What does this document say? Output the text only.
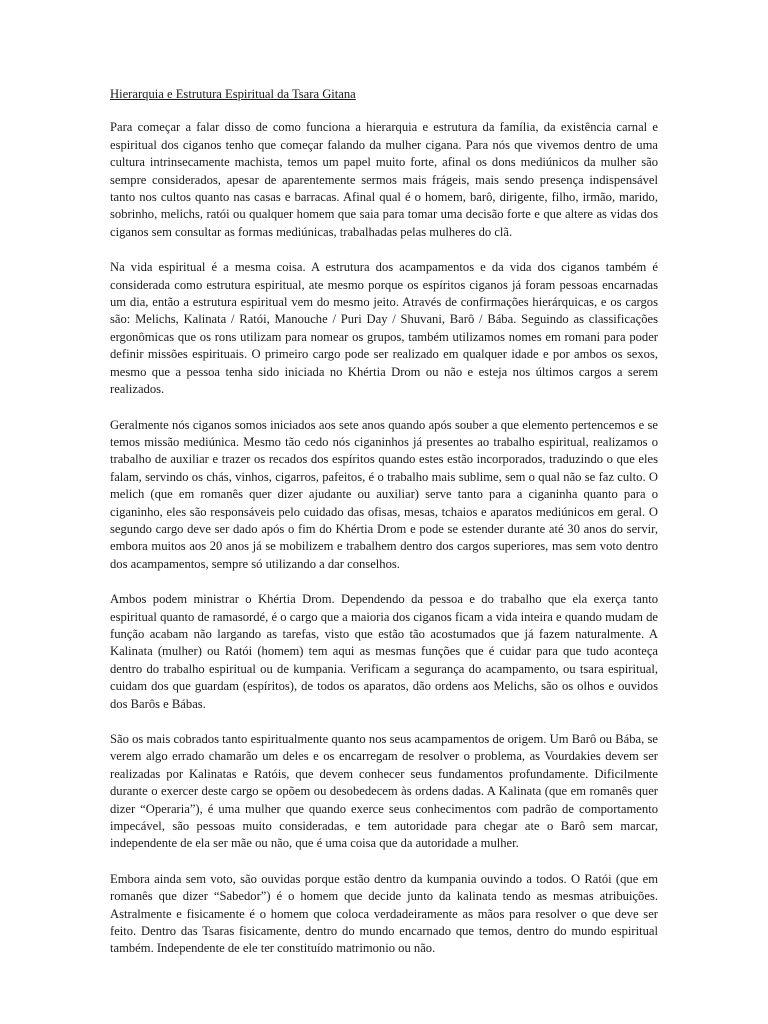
Hierarquia e Estrutura Espiritual da Tsara Gitana

Para começar a falar disso de como funciona a hierarquia e estrutura da família, da existência carnal e espiritual dos ciganos tenho que começar falando da mulher cigana. Para nós que vivemos dentro de uma cultura intrinsecamente machista, temos um papel muito forte, afinal os dons mediúnicos da mulher são sempre considerados, apesar de aparentemente sermos mais frágeis, mais sendo presença indispensável tanto nos cultos quanto nas casas e barracas. Afinal qual é o homem, barô, dirigente, filho, irmão, marido, sobrinho, melichs, ratói ou qualquer homem que saia para tomar uma decisão forte e que altere as vidas dos ciganos sem consultar as formas mediúnicas, trabalhadas pelas mulheres do clã.

Na vida espiritual é a mesma coisa. A estrutura dos acampamentos e da vida dos ciganos também é considerada como estrutura espiritual, ate mesmo porque os espíritos ciganos já foram pessoas encarnadas um dia, então a estrutura espiritual vem do mesmo jeito. Através de confirmações hierárquicas, e os cargos são: Melichs, Kalinata / Ratói, Manouche / Puri Day / Shuvani, Barô / Bába. Seguindo as classificações ergonômicas que os rons utilizam para nomear os grupos, também utilizamos nomes em romani para poder definir missões espirituais. O primeiro cargo pode ser realizado em qualquer idade e por ambos os sexos, mesmo que a pessoa tenha sido iniciada no Khértia Drom ou não e esteja nos últimos cargos a serem realizados.

Geralmente nós ciganos somos iniciados aos sete anos quando após souber a que elemento pertencemos e se temos missão mediúnica. Mesmo tão cedo nós ciganinhos já presentes ao trabalho espiritual, realizamos o trabalho de auxiliar e trazer os recados dos espíritos quando estes estão incorporados, traduzindo o que eles falam, servindo os chás, vinhos, cigarros, pafeitos, é o trabalho mais sublime, sem o qual não se faz culto. O melich (que em romanês quer dizer ajudante ou auxiliar) serve tanto para a ciganinha quanto para o ciganinho, eles são responsáveis pelo cuidado das ofisas, mesas, tchaios e aparatos mediúnicos em geral. O segundo cargo deve ser dado após o fim do Khértia Drom e pode se estender durante até 30 anos do servir, embora muitos aos 20 anos já se mobilizem e trabalhem dentro dos cargos superiores, mas sem voto dentro dos acampamentos, sempre só utilizando a dar conselhos.

Ambos podem ministrar o Khértia Drom. Dependendo da pessoa e do trabalho que ela exerça tanto espiritual quanto de ramasordé, é o cargo que a maioria dos ciganos ficam a vida inteira e quando mudam de função acabam não largando as tarefas, visto que estão tão acostumados que já fazem naturalmente. A Kalinata (mulher) ou Ratói (homem) tem aqui as mesmas funções que é cuidar para que tudo aconteça dentro do trabalho espiritual ou de kumpania. Verificam a segurança do acampamento, ou tsara espiritual, cuidam dos que guardam (espíritos), de todos os aparatos, dão ordens aos Melichs, são os olhos e ouvidos dos Barôs e Bábas.

São os mais cobrados tanto espiritualmente quanto nos seus acampamentos de origem. Um Barô ou Bába, se verem algo errado chamarão um deles e os encarregam de resolver o problema, as Vourdakies devem ser realizadas por Kalinatas e Ratóis, que devem conhecer seus fundamentos profundamente. Dificilmente durante o exercer deste cargo se opõem ou desobedecem às ordens dadas. A Kalinata (que em romanês quer dizer “Operaria”), é uma mulher que quando exerce seus conhecimentos com padrão de comportamento impecável, são pessoas muito consideradas, e tem autoridade para chegar ate o Barô sem marcar, independente de ela ser mãe ou não, que é uma coisa que da autoridade a mulher.

Embora ainda sem voto, são ouvidas porque estão dentro da kumpania ouvindo a todos. O Ratói (que em romanês que dizer “Sabedor”) é o homem que decide junto da kalinata tendo as mesmas atribuições. Astralmente e fisicamente é o homem que coloca verdadeiramente as mãos para resolver o que deve ser feito. Dentro das Tsaras fisicamente, dentro do mundo encarnado que temos, dentro do mundo espiritual também. Independente de ele ter constituído matrimonio ou não.
